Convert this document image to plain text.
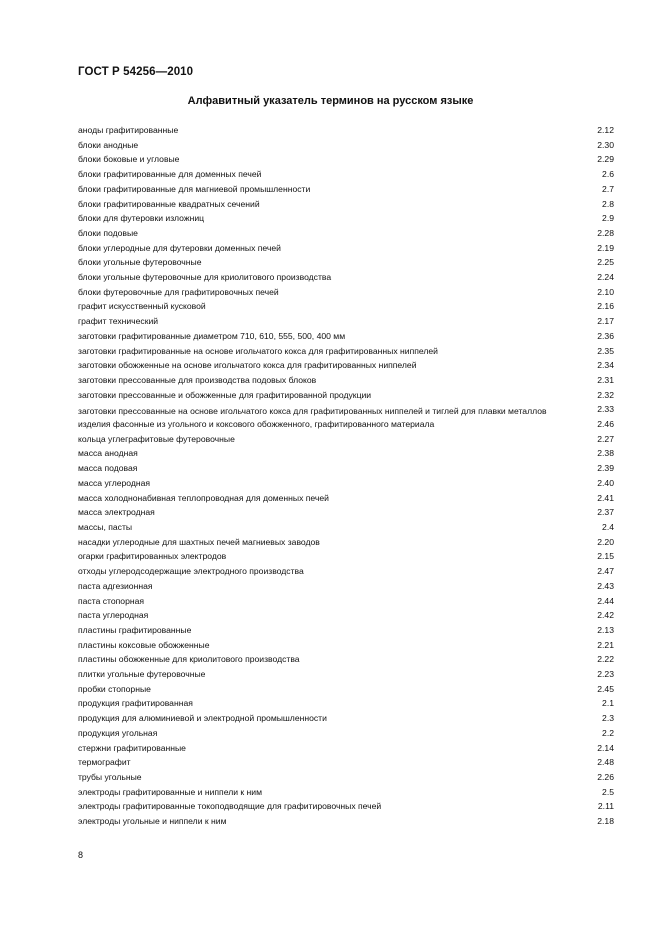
ГОСТ Р 54256—2010
Алфавитный указатель терминов на русском языке
аноды графитированные	2.12
блоки анодные	2.30
блоки боковые и угловые	2.29
блоки графитированные для доменных печей	2.6
блоки графитированные для магниевой промышленности	2.7
блоки графитированные квадратных сечений	2.8
блоки для футеровки изложниц	2.9
блоки подовые	2.28
блоки углеродные для футеровки доменных печей	2.19
блоки угольные футеровочные	2.25
блоки угольные футеровочные для криолитового производства	2.24
блоки футеровочные для графитировочных печей	2.10
графит искусственный кусковой	2.16
графит технический	2.17
заготовки графитированные диаметром 710, 610, 555, 500, 400 мм	2.36
заготовки графитированные на основе игольчатого кокса для графитированных ниппелей	2.35
заготовки обожженные на основе игольчатого кокса для графитированных ниппелей	2.34
заготовки прессованные для производства подовых блоков	2.31
заготовки прессованные и обожженные для графитированной продукции	2.32
заготовки прессованные на основе игольчатого кокса для графитированных ниппелей и тиглей для плавки металлов	2.33
изделия фасонные из угольного и коксового обожженного, графитированного материала	2.46
кольца углеграфитовые футеровочные	2.27
масса анодная	2.38
масса подовая	2.39
масса углеродная	2.40
масса холоднонабивная теплопроводная для доменных печей	2.41
масса электродная	2.37
массы, пасты	2.4
насадки углеродные для шахтных печей магниевых заводов	2.20
огарки графитированных электродов	2.15
отходы углеродсодержащие электродного производства	2.47
паста адгезионная	2.43
паста стопорная	2.44
паста углеродная	2.42
пластины графитированные	2.13
пластины коксовые обожженные	2.21
пластины обожженные для криолитового производства	2.22
плитки угольные футеровочные	2.23
пробки стопорные	2.45
продукция графитированная	2.1
продукция для алюминиевой и электродной промышленности	2.3
продукция угольная	2.2
стержни графитированные	2.14
термографит	2.48
трубы угольные	2.26
электроды графитированные и ниппели к ним	2.5
электроды графитированные токоподводящие для графитировочных печей	2.11
электроды угольные и ниппели к ним	2.18
8
